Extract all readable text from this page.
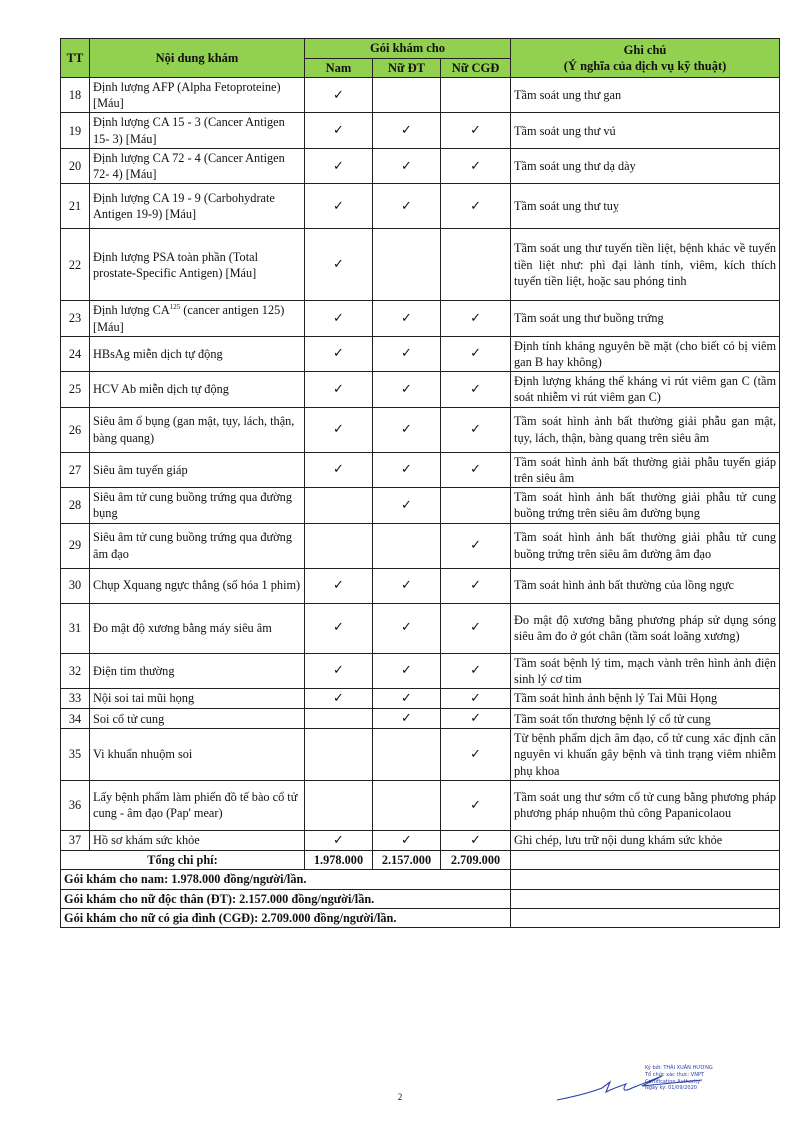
TT	Nội dung khám	Gói khám cho			Ghi chú
(Ý nghĩa của dịch vụ kỹ thuật)

		Nam	Nữ ĐT	Nữ CGĐ	
18	Định lượng AFP (Alpha Fetoproteine) [Máu]	✓			Tầm soát ung thư gan
19	Định lượng CA 15 - 3 (Cancer Antigen 15- 3) [Máu]	✓	✓	✓	Tầm soát ung thư vú
20	Định lượng CA 72 - 4 (Cancer Antigen 72- 4) [Máu]	✓	✓	✓	Tầm soát ung thư dạ dày
21	Định lượng CA 19 - 9 (Carbohydrate Antigen 19-9) [Máu]	✓	✓	✓	Tầm soát ung thư tuỵ
22	Định lượng PSA toàn phần (Total prostate-Specific Antigen) [Máu]	✓			Tầm soát ung thư tuyến tiền liệt, bệnh khác về tuyến tiền liệt như: phì đại lành tính, viêm, kích thích tuyến tiền liệt, hoặc sau phóng tinh
23	Định lượng CA$^{125}$ (cancer antigen 125) [Máu]	✓	✓	✓	Tầm soát ung thư buồng trứng
24	HBsAg miễn dịch tự động	✓	✓	✓	Định tính kháng nguyên bề mặt (cho biết có bị viêm gan B hay không)
25	HCV Ab miễn dịch tự động	✓	✓	✓	Định lượng kháng thể kháng vi rút viêm gan C (tầm soát nhiễm vi rút viêm gan C)
26	Siêu âm ổ bụng (gan mật, tụy, lách, thận, bàng quang)	✓	✓	✓	Tầm soát hình ảnh bất thường giải phẫu gan mật, tụy, lách, thận, bàng quang trên siêu âm
27	Siêu âm tuyến giáp	✓	✓	✓	Tầm soát hình ảnh bất thường giải phẫu tuyến giáp trên siêu âm
28	Siêu âm tử cung buồng trứng qua đường bụng		✓		Tầm soát hình ảnh bất thường giải phẫu tử cung buồng trứng trên siêu âm đường bụng
29	Siêu âm tử cung buồng trứng qua đường âm đạo			✓	Tầm soát hình ảnh bất thường giải phẫu tử cung buồng trứng trên siêu âm đường âm đạo
30	Chụp Xquang ngực thẳng (số hóa 1 phim)	✓	✓	✓	Tầm soát hình ảnh bất thường của lồng ngực
31	Đo mật độ xương bằng máy siêu âm	✓	✓	✓	Đo mật độ xương bằng phương pháp sử dụng sóng siêu âm đo ở gót chân (tầm soát loãng xương)
32	Điện tim thường	✓	✓	✓	Tầm soát bệnh lý tim, mạch vành trên hình ảnh điện sinh lý cơ tim
33	Nội soi tai mũi họng	✓	✓	✓	Tầm soát hình ảnh bệnh lý Tai Mũi Họng
34	Soi cổ tử cung		✓	✓	Tầm soát tổn thương bệnh lý cổ tử cung
35	Vi khuẩn nhuộm soi			✓	Từ bệnh phẩm dịch âm đạo, cổ tử cung xác định căn nguyên vi khuẩn gây bệnh và tình trạng viêm nhiễm phụ khoa
36	Lấy bệnh phẩm làm phiến đồ tế bào cổ tử cung - âm đạo (Pap' mear)			✓	Tầm soát ung thư sớm cổ tử cung bằng phương pháp phương pháp nhuộm thủ công Papanicolaou
37	Hồ sơ khám sức khỏe	✓	✓	✓	Ghi chép, lưu trữ nội dung khám sức khỏe
Tổng chi phí:		1.978.000	2.157.000	2.709.000	
Gói khám cho nam: 1.978.000 đồng/người/lần.					
Gói khám cho nữ độc thân (ĐT): 2.157.000 đồng/người/lần.					
Gói khám cho nữ có gia đình (CGĐ): 2.709.000 đồng/người/lần.					
Ký bởi: THÁI XUÂN HƯƠNG
Tổ chức xác thực: VNPT
Certification Authority
Ngày ký: 01/09/2020
2
